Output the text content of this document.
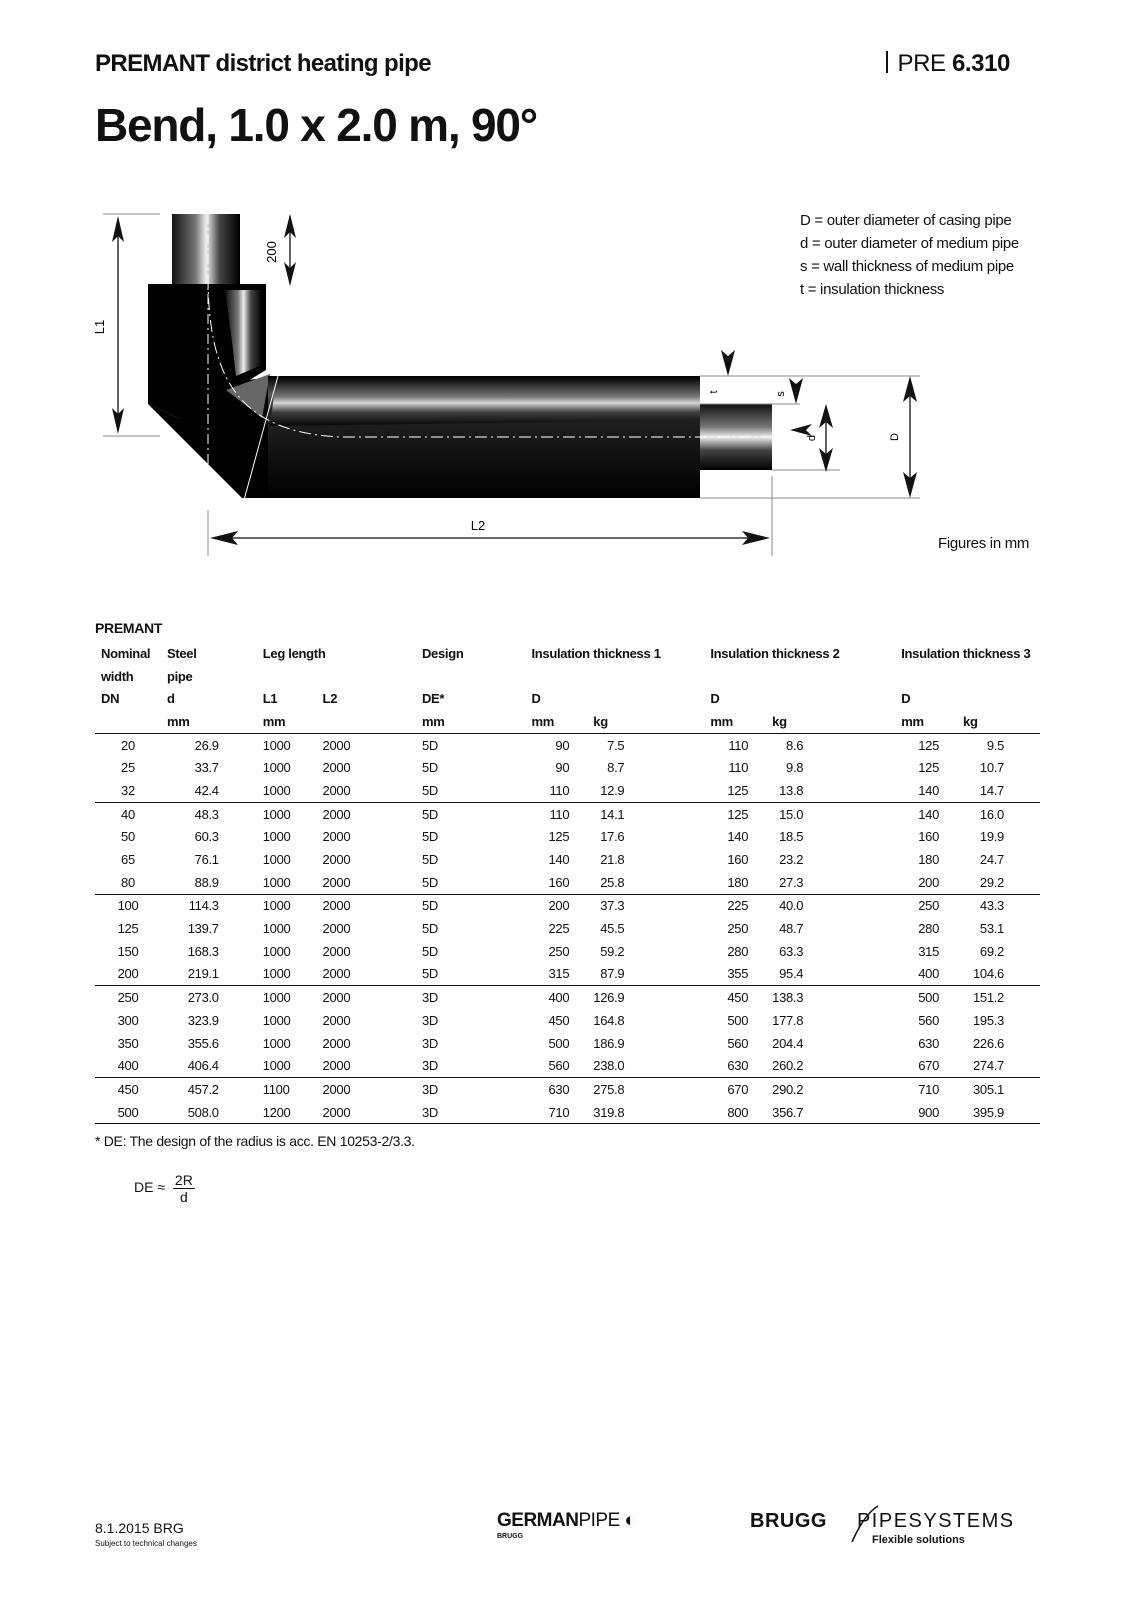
PREMANT district heating pipe	PRE 6.310
Bend, 1.0 x 2.0 m, 90°
L1
200
L2
t	s
d	D
D = outer diameter of casing pipe
d = outer diameter of medium pipe
s = wall thickness of medium pipe
t = insulation thickness
Figures in mm
PREMANT
Nominal	Steel	Leg length		Design	Insulation thickness 1		Insulation thickness 2		Insulation thickness 3	
width	pipe									
DN	d	L1	L2	DE*	D		D		D	
	mm	mm		mm	mm	kg	mm	kg	mm	kg
20	26.9	1000	2000	5D	90	7.5	110	8.6	125	9.5
25	33.7	1000	2000	5D	90	8.7	110	9.8	125	10.7
32	42.4	1000	2000	5D	110	12.9	125	13.8	140	14.7
40	48.3	1000	2000	5D	110	14.1	125	15.0	140	16.0
50	60.3	1000	2000	5D	125	17.6	140	18.5	160	19.9
65	76.1	1000	2000	5D	140	21.8	160	23.2	180	24.7
80	88.9	1000	2000	5D	160	25.8	180	27.3	200	29.2
100	114.3	1000	2000	5D	200	37.3	225	40.0	250	43.3
125	139.7	1000	2000	5D	225	45.5	250	48.7	280	53.1
150	168.3	1000	2000	5D	250	59.2	280	63.3	315	69.2
200	219.1	1000	2000	5D	315	87.9	355	95.4	400	104.6
250	273.0	1000	2000	3D	400	126.9	450	138.3	500	151.2
300	323.9	1000	2000	3D	450	164.8	500	177.8	560	195.3
350	355.6	1000	2000	3D	500	186.9	560	204.4	630	226.6
400	406.4	1000	2000	3D	560	238.0	630	260.2	670	274.7
450	457.2	1100	2000	3D	630	275.8	670	290.2	710	305.1
500	508.0	1200	2000	3D	710	319.8	800	356.7	900	395.9
* DE: The design of the radius is acc. EN 10253-2/3.3.
DE ≈ $\frac{2R}{d}$
8.1.2015 BRG
Subject to technical changes
GERMANPIPE ◐
BRUGG
BRUGG PIPESYSTEMS
Flexible solutions
